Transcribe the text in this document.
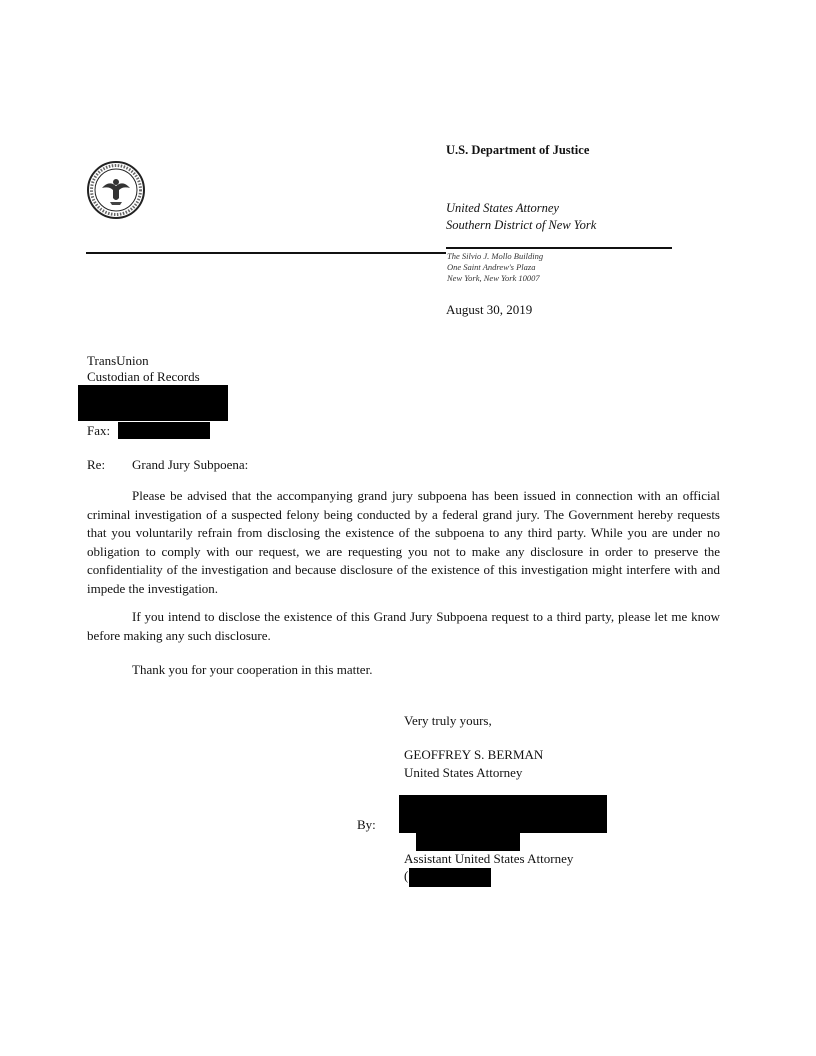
U.S. Department of Justice
United States Attorney
Southern District of New York
The Silvio J. Mollo Building
One Saint Andrew's Plaza
New York, New York 10007
August 30, 2019
TransUnion
Custodian of Records
Fax:
Re: Grand Jury Subpoena:

Please be advised that the accompanying grand jury subpoena has been issued in connection with an official criminal investigation of a suspected felony being conducted by a federal grand jury. The Government hereby requests that you voluntarily refrain from disclosing the existence of the subpoena to any third party. While you are under no obligation to comply with our request, we are requesting you not to make any disclosure in order to preserve the confidentiality of the investigation and because disclosure of the existence of this investigation might interfere with and impede the investigation.

If you intend to disclose the existence of this Grand Jury Subpoena request to a third party, please let me know before making any such disclosure.

Thank you for your cooperation in this matter.

Very truly yours,
GEOFFREY S. BERMAN
United States Attorney
By:
Assistant United States Attorney
(
